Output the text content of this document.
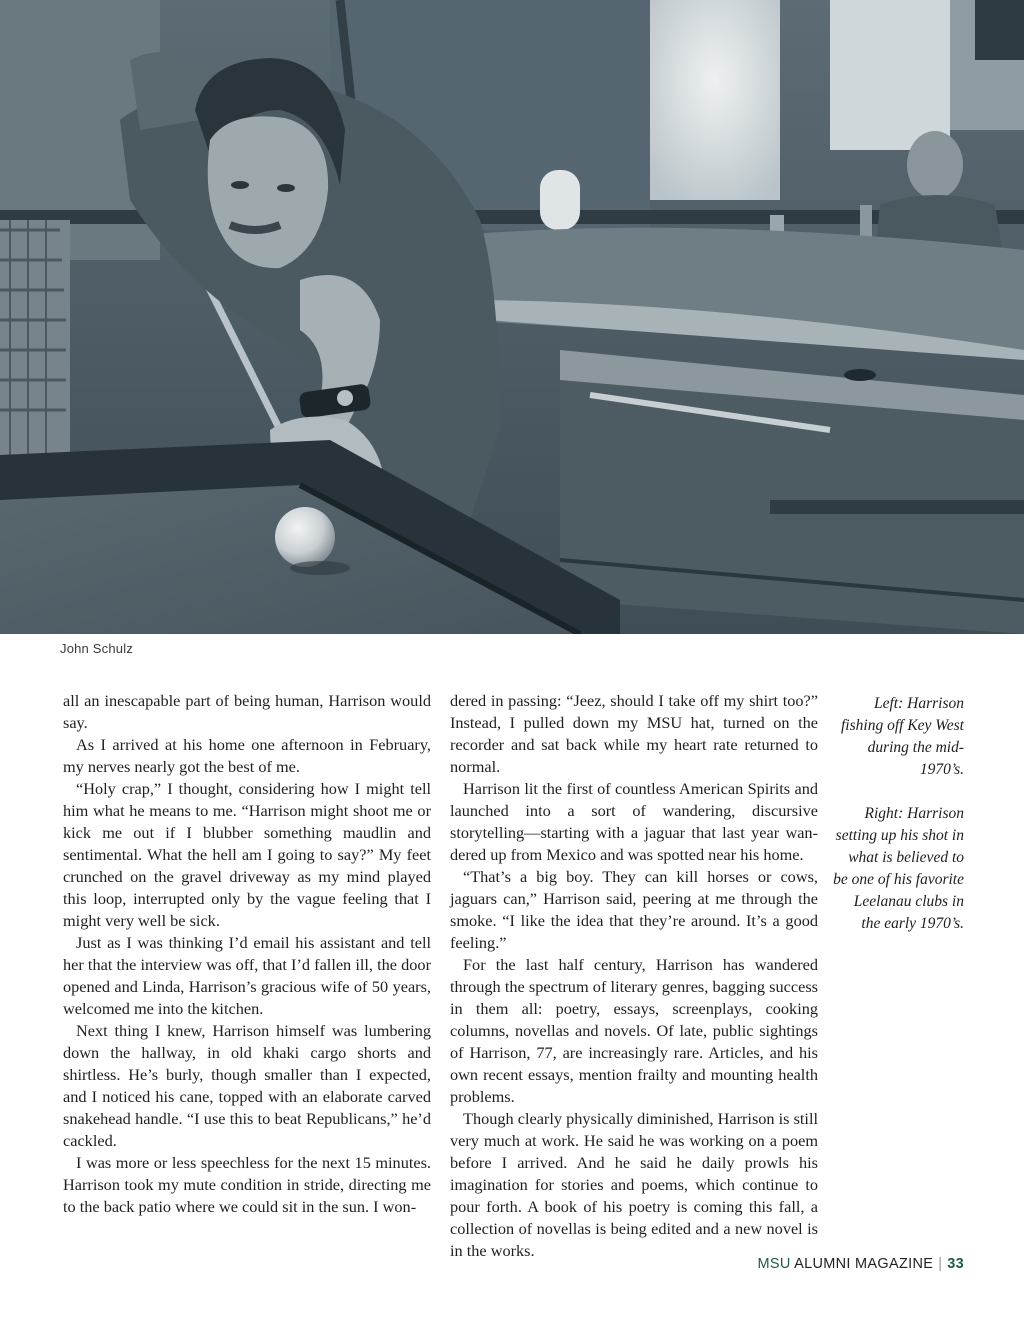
John Schulz

all an inescapable part of being human, Harrison would say.

As I arrived at his home one afternoon in February, my nerves nearly got the best of me.

“Holy crap,” I thought, considering how I might tell him what he means to me. “Harrison might shoot me or kick me out if I blubber something maudlin and sentimental. What the hell am I going to say?” My feet crunched on the gravel driveway as my mind played this loop, interrupted only by the vague feeling that I might very well be sick.

Just as I was thinking I’d email his assistant and tell her that the interview was off, that I’d fallen ill, the door opened and Linda, Harrison’s gracious wife of 50 years, welcomed me into the kitchen.

Next thing I knew, Harrison himself was lumbering down the hallway, in old khaki cargo shorts and shirtless. He’s burly, though smaller than I expected, and I noticed his cane, topped with an elaborate carved snakehead handle. “I use this to beat Republicans,” he’d cackled.

I was more or less speechless for the next 15 minutes. Harrison took my mute condition in stride, directing me to the back patio where we could sit in the sun. I won-

dered in passing: “Jeez, should I take off my shirt too?” Instead, I pulled down my MSU hat, turned on the recorder and sat back while my heart rate returned to normal.

Harrison lit the first of countless American Spirits and launched into a sort of wandering, discursive storytelling—starting with a jaguar that last year wandered up from Mexico and was spotted near his home.

“That’s a big boy. They can kill horses or cows, jaguars can,” Harrison said, peering at me through the smoke. “I like the idea that they’re around. It’s a good feeling.”

For the last half century, Harrison has wandered through the spectrum of literary genres, bagging success in them all: poetry, essays, screenplays, cooking columns, novellas and novels. Of late, public sightings of Harrison, 77, are increasingly rare. Articles, and his own recent essays, mention frailty and mounting health problems.

Though clearly physically diminished, Harrison is still very much at work. He said he was working on a poem before I arrived. And he said he daily prowls his imagination for stories and poems, which continue to pour forth. A book of his poetry is coming this fall, a collection of novellas is being edited and a new novel is in the works.

Left: Harrison fishing off Key West during the mid-1970’s.

Right: Harrison setting up his shot in what is believed to be one of his favorite Leelanau clubs in the early 1970’s.

MSU ALUMNI MAGAZINE | 33
